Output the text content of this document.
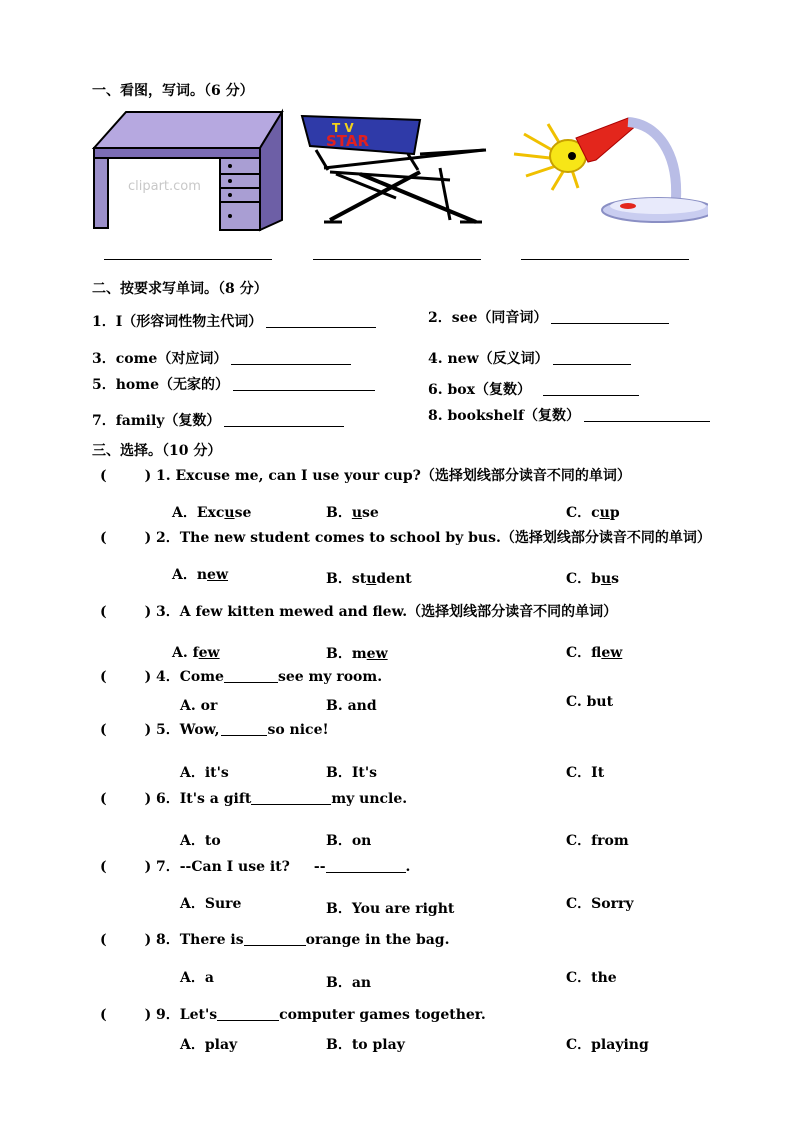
一、看图，写词。（6 分）
clipart.com
T V
STAR
二、按要求写单词。（8 分）
1．I（形容词性物主代词）	2．see（同音词）
3．come（对应词）	4. new（反义词）
5．home（无家的）	6. box（复数）
7．family（复数）	8. bookshelf（复数）
三、选择。（10 分）
(	)
(	)
(	)
(	)
(	)
(	)
(	)
(	)
(	)
1. Excuse me, can I use your cup?（选择划线部分读音不同的单词）
A．Excuse	B．use	C．cup
2．The new student comes to school by bus.（选择划线部分读音不同的单词）
A．new	B．student	C．bus
3．A few kitten mewed and flew.（选择划线部分读音不同的单词）
A. few	B．mew	C．flew
4．Come	see my room.
A. or	B. and	C. but
5．Wow,	so nice!
A．it's	B．It's	C．It
6．It's a gift	my uncle.
A．to	B．on	C．from
7．--Can I use it? --	.
A．Sure	B．You are right	C．Sorry
8．There is	orange in the bag.
A．a	B．an	C．the
9．Let's	computer games together.
A．play	B．to play	C．playing
